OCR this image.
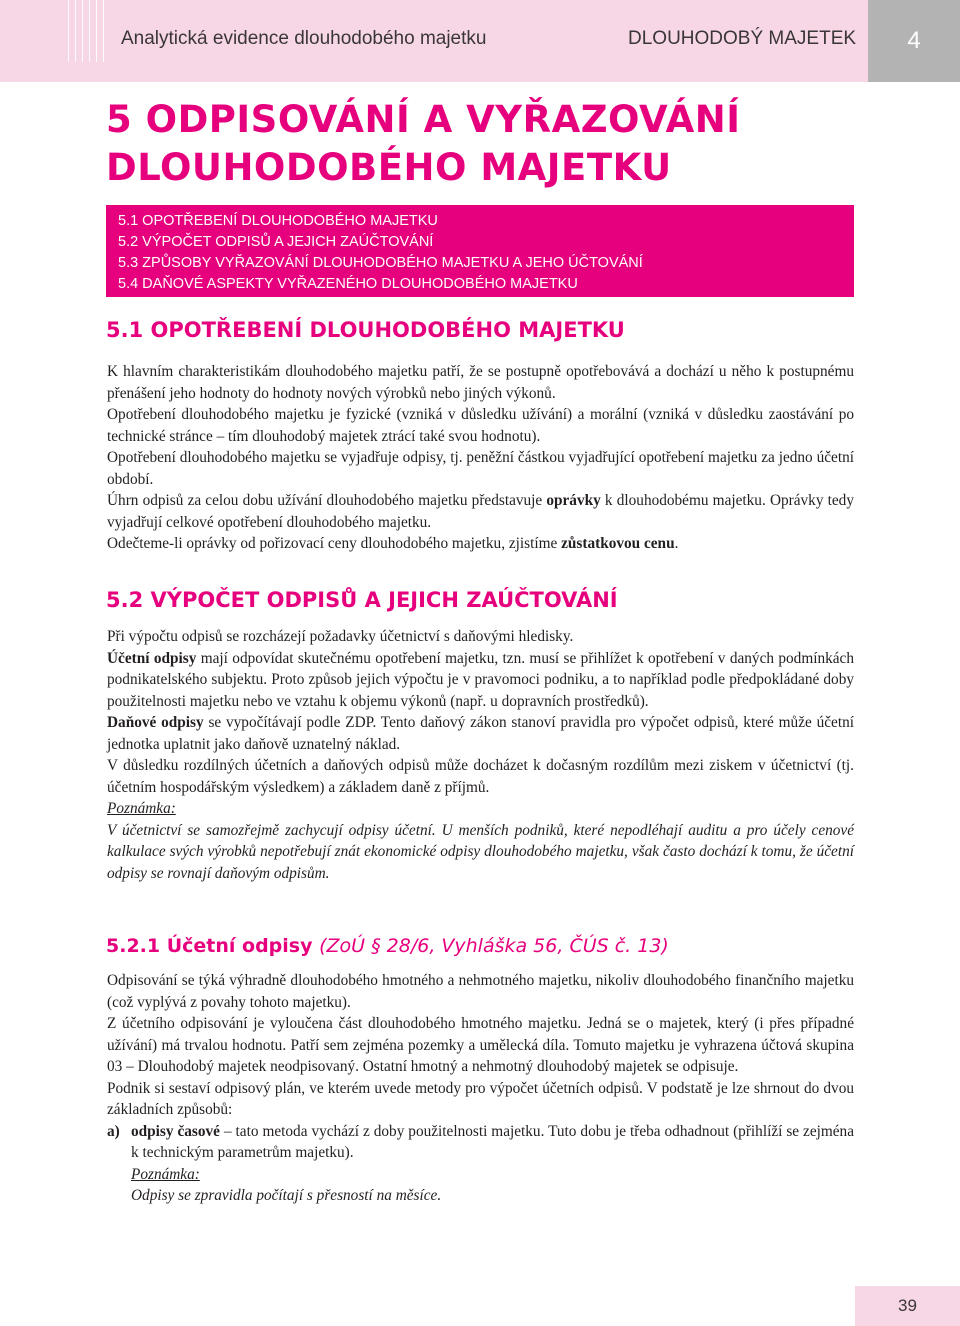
Analytická evidence dlouhodobého majetku	DLOUHODOBÝ MAJETEK	4
5 ODPISOVÁNÍ A VYŘAZOVÁNÍ
DLOUHODOBÉHO MAJETKU
5.1 OPOTŘEBENÍ DLOUHODOBÉHO MAJETKU
5.2 VÝPOČET ODPISŮ A JEJICH ZAÚČTOVÁNÍ
5.3 ZPŮSOBY VYŘAZOVÁNÍ DLOUHODOBÉHO MAJETKU A JEHO ÚČTOVÁNÍ
5.4 DAŇOVÉ ASPEKTY VYŘAZENÉHO DLOUHODOBÉHO MAJETKU
5.1 OPOTŘEBENÍ DLOUHODOBÉHO MAJETKU

K hlavním charakteristikám dlouhodobého majetku patří, že se postupně opotřebovává a dochází u něho k postupnému přenášení jeho hodnoty do hodnoty nových výrobků nebo jiných výkonů.

Opotřebení dlouhodobého majetku je fyzické (vzniká v důsledku užívání) a morální (vzniká v důsledku zaostávání po technické stránce – tím dlouhodobý majetek ztrácí také svou hodnotu).

Opotřebení dlouhodobého majetku se vyjadřuje odpisy, tj. peněžní částkou vyjadřující opotřebení majetku za jedno účetní období.

Úhrn odpisů za celou dobu užívání dlouhodobého majetku představuje oprávky k dlouhodobému majetku. Oprávky tedy vyjadřují celkové opotřebení dlouhodobého majetku.

Odečteme-li oprávky od pořizovací ceny dlouhodobého majetku, zjistíme zůstatkovou cenu.

5.2 VÝPOČET ODPISŮ A JEJICH ZAÚČTOVÁNÍ

Při výpočtu odpisů se rozcházejí požadavky účetnictví s daňovými hledisky.

Účetní odpisy mají odpovídat skutečnému opotřebení majetku, tzn. musí se přihlížet k opotřebení v daných podmínkách podnikatelského subjektu. Proto způsob jejich výpočtu je v pravomoci podniku, a to například podle předpokládané doby použitelnosti majetku nebo ve vztahu k objemu výkonů (např. u dopravních prostředků).

Daňové odpisy se vypočítávají podle ZDP. Tento daňový zákon stanoví pravidla pro výpočet odpisů, které může účetní jednotka uplatnit jako daňově uznatelný náklad.

V důsledku rozdílných účetních a daňových odpisů může docházet k dočasným rozdílům mezi ziskem v účetnictví (tj. účetním hospodářským výsledkem) a základem daně z příjmů.

Poznámka:

V účetnictví se samozřejmě zachycují odpisy účetní. U menších podniků, které nepodléhají auditu a pro účely cenové kalkulace svých výrobků nepotřebují znát ekonomické odpisy dlouhodobého majetku, však často dochází k tomu, že účetní odpisy se rovnají daňovým odpisům.

5.2.1 Účetní odpisy (ZoÚ § 28/6, Vyhláška 56, ČÚS č. 13)

Odpisování se týká výhradně dlouhodobého hmotného a nehmotného majetku, nikoliv dlouhodobého finančního majetku (což vyplývá z povahy tohoto majetku).

Z účetního odpisování je vyloučena část dlouhodobého hmotného majetku. Jedná se o majetek, který (i přes případné užívání) má trvalou hodnotu. Patří sem zejména pozemky a umělecká díla. Tomuto majetku je vyhrazena účtová skupina 03 – Dlouhodobý majetek neodpisovaný. Ostatní hmotný a nehmotný dlouhodobý majetek se odpisuje.

Podnik si sestaví odpisový plán, ve kterém uvede metody pro výpočet účetních odpisů. V podstatě je lze shrnout do dvou základních způsobů:

a) odpisy časové – tato metoda vychází z doby použitelnosti majetku. Tuto dobu je třeba odhadnout (přihlíží se zejména k technickým parametrům majetku).

Poznámka:

Odpisy se zpravidla počítají s přesností na měsíce.

39
